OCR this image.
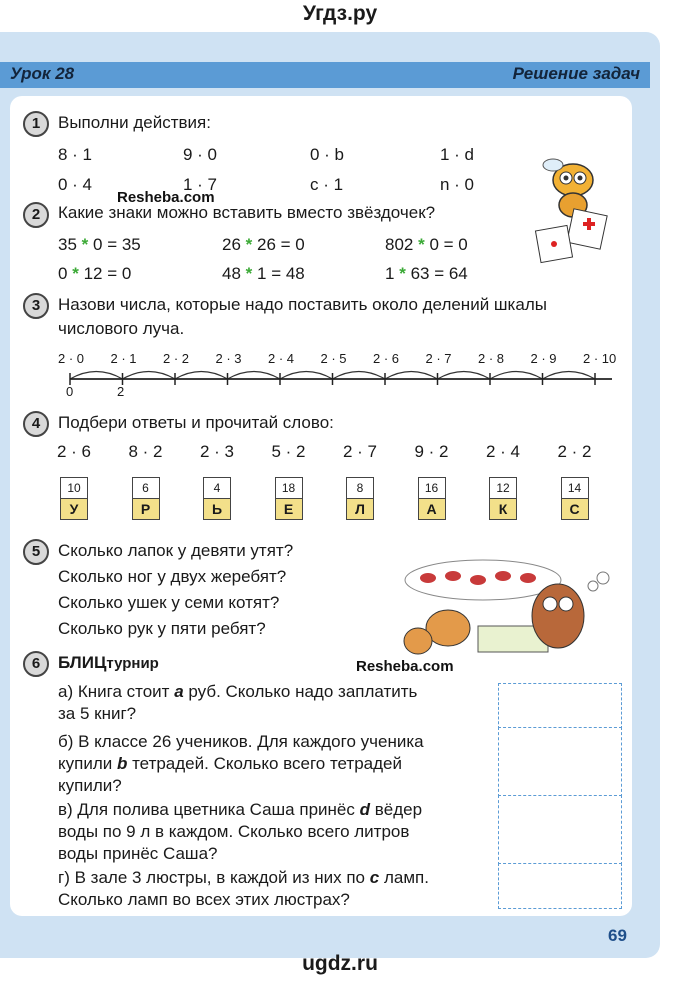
Угдз.ру
Урок 28	Решение задач
1	Выполни действия:
8 · 1	9 · 0	0 · b	1 · d
0 · 4	1 · 7	c · 1	n · 0
Resheba.com
2	Какие знаки можно вставить вместо звёздочек?
35 * 0 = 35	26 * 26 = 0	802 * 0 = 0
0 * 12 = 0	48 * 1 = 48	1 * 63 = 64
3	Назови числа, которые надо поставить около делений шкалы
числового луча.
0	2
4	Подбери ответы и прочитай слово:
5	Сколько лапок у девяти утят?
Сколько ног у двух жеребят?
Сколько ушек у семи котят?
Сколько рук у пяти ребят?
Resheba.com
6	БЛИЦтурнир
а) Книга стоит a руб. Сколько надо заплатить
за 5 книг?
б) В классе 26 учеников. Для каждого ученика
купили b тетрадей. Сколько всего тетрадей
купили?
в) Для полива цветника Саша принёс d вёдер
воды по 9 л в каждом. Сколько всего литров
воды принёс Саша?
г) В зале 3 люстры, в каждой из них по c ламп.
Сколько ламп во всех этих люстрах?
69
ugdz.ru
2 · 0 2 · 1 2 · 2 2 · 3 2 · 4 2 · 5 2 · 6 2 · 7 2 · 8 2 · 9 2 · 10
2 · 6 8 · 2 2 · 3 5 · 2 2 · 7 9 · 2 2 · 4 2 · 2
10
У
6
Р
4
Ь
18
Е
8
Л
16
А
12
К
14
С
